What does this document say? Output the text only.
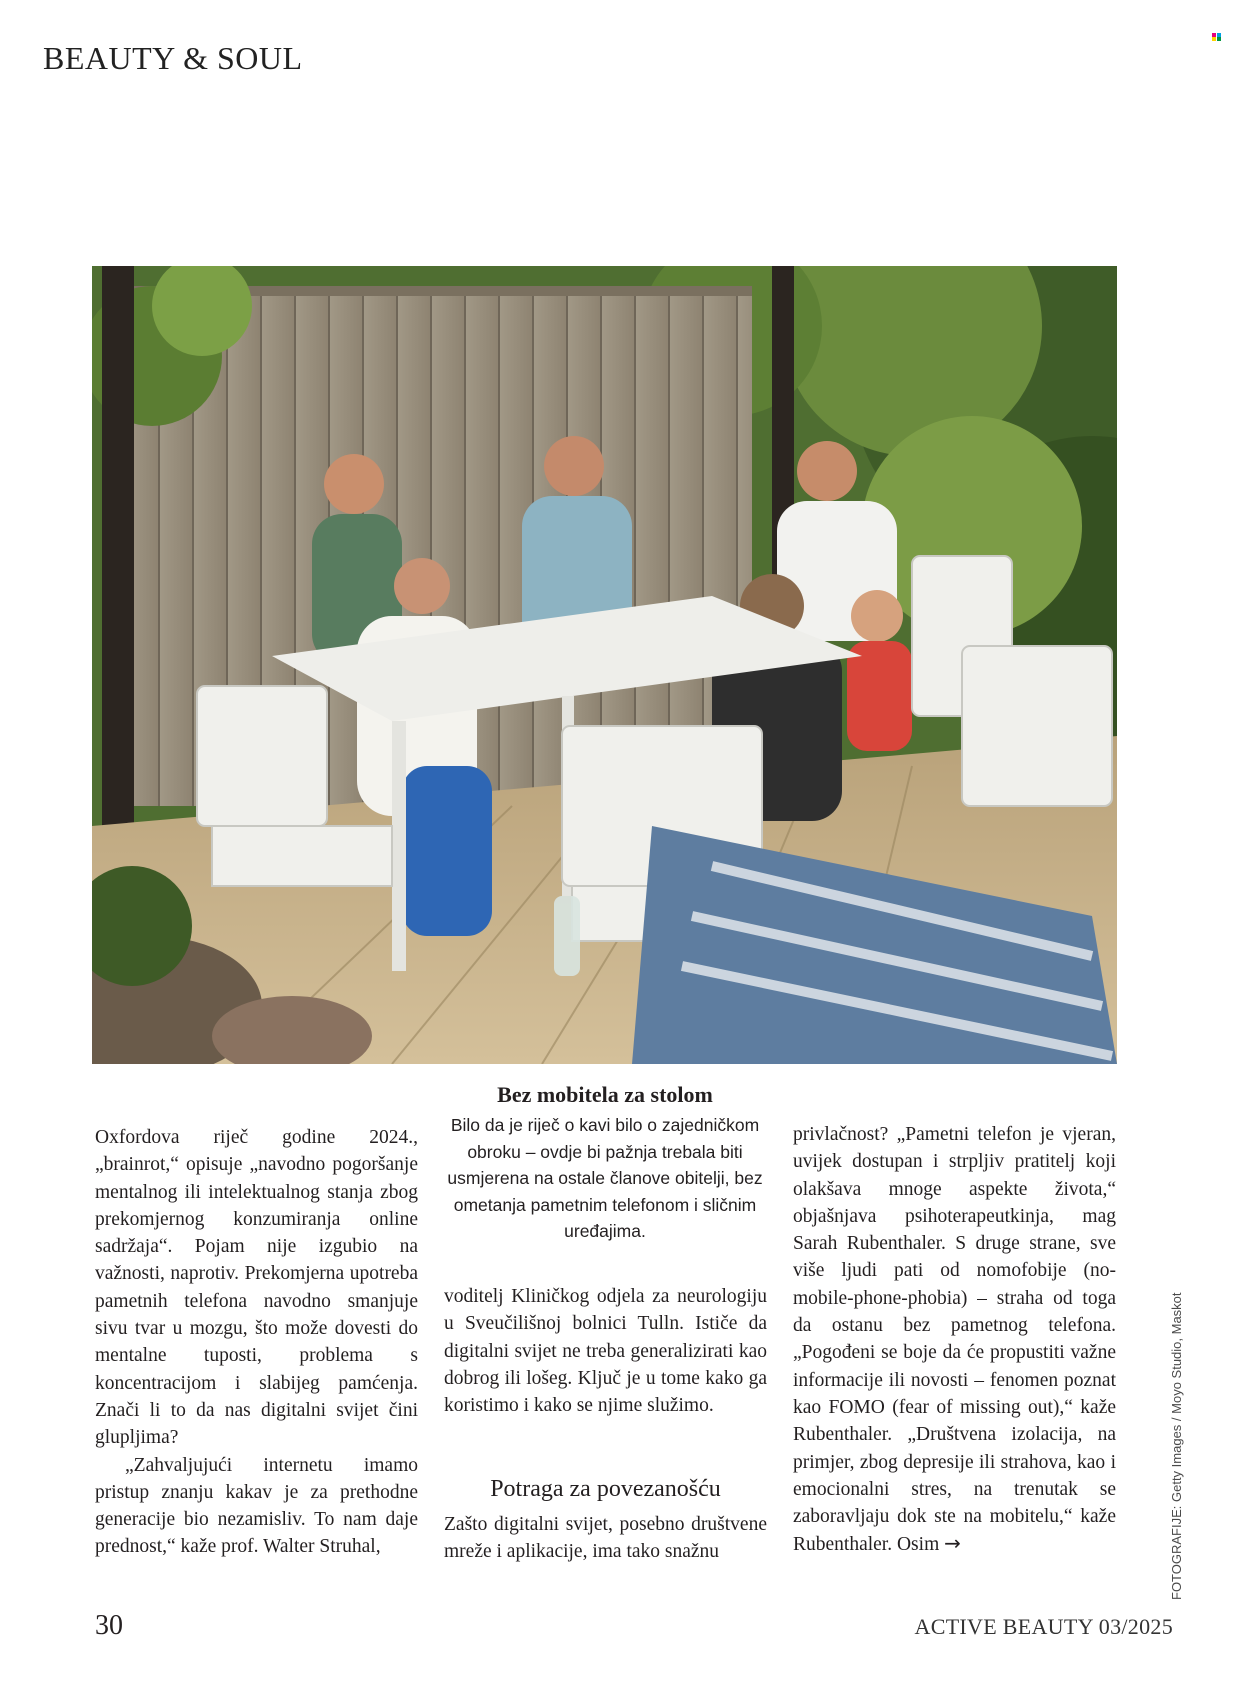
BEAUTY & SOUL
Bez mobitela za stolom
Bilo da je riječ o kavi bilo o zajedničkom obroku – ovdje bi pažnja trebala biti usmjerena na ostale članove obitelji, bez ometanja pametnim telefonom i sličnim uređajima.

Oxfordova riječ godine 2024., „brainrot,“ opisuje „navodno pogoršanje mentalnog ili intelektualnog stanja zbog prekomjernog konzumiranja online sadržaja“. Pojam nije izgubio na važnosti, naprotiv. Prekomjerna upotreba pametnih telefona navodno smanjuje sivu tvar u mozgu, što može dovesti do mentalne tuposti, problema s koncentracijom i slabijeg pamćenja. Znači li to da nas digitalni svijet čini glupljima?

„Zahvaljujući internetu imamo pristup znanju kakav je za prethodne generacije bio nezamisliv. To nam daje prednost,“ kaže prof. Walter Struhal,

voditelj Kliničkog odjela za neurologiju u Sveučilišnoj bolnici Tulln. Ističe da digitalni svijet ne treba generalizirati kao dobrog ili lošeg. Ključ je u tome kako ga koristimo i kako se njime služimo.

Potraga za povezanošću

Zašto digitalni svijet, posebno društvene mreže i aplikacije, ima tako snažnu

privlačnost? „Pametni telefon je vjeran, uvijek dostupan i strpljiv pratitelj koji olakšava mnoge aspekte života,“ objašnjava psihoterapeutkinja, mag Sarah Rubenthaler. S druge strane, sve više ljudi pati od nomofobije (no-mobile-phone-phobia) – straha od toga da ostanu bez pametnog telefona. „Pogođeni se boje da će propustiti važne informacije ili novosti – fenomen poznat kao FOMO (fear of missing out),“ kaže Rubenthaler. „Društvena izolacija, na primjer, zbog depresije ili strahova, kao i emocionalni stres, na trenutak se zaboravljaju dok ste na mobitelu,“ kaže Rubenthaler. Osim →	FOTOGRAFIJE: Getty Images / Moyo Studio, Maskot
30	ACTIVE BEAUTY 03/2025
